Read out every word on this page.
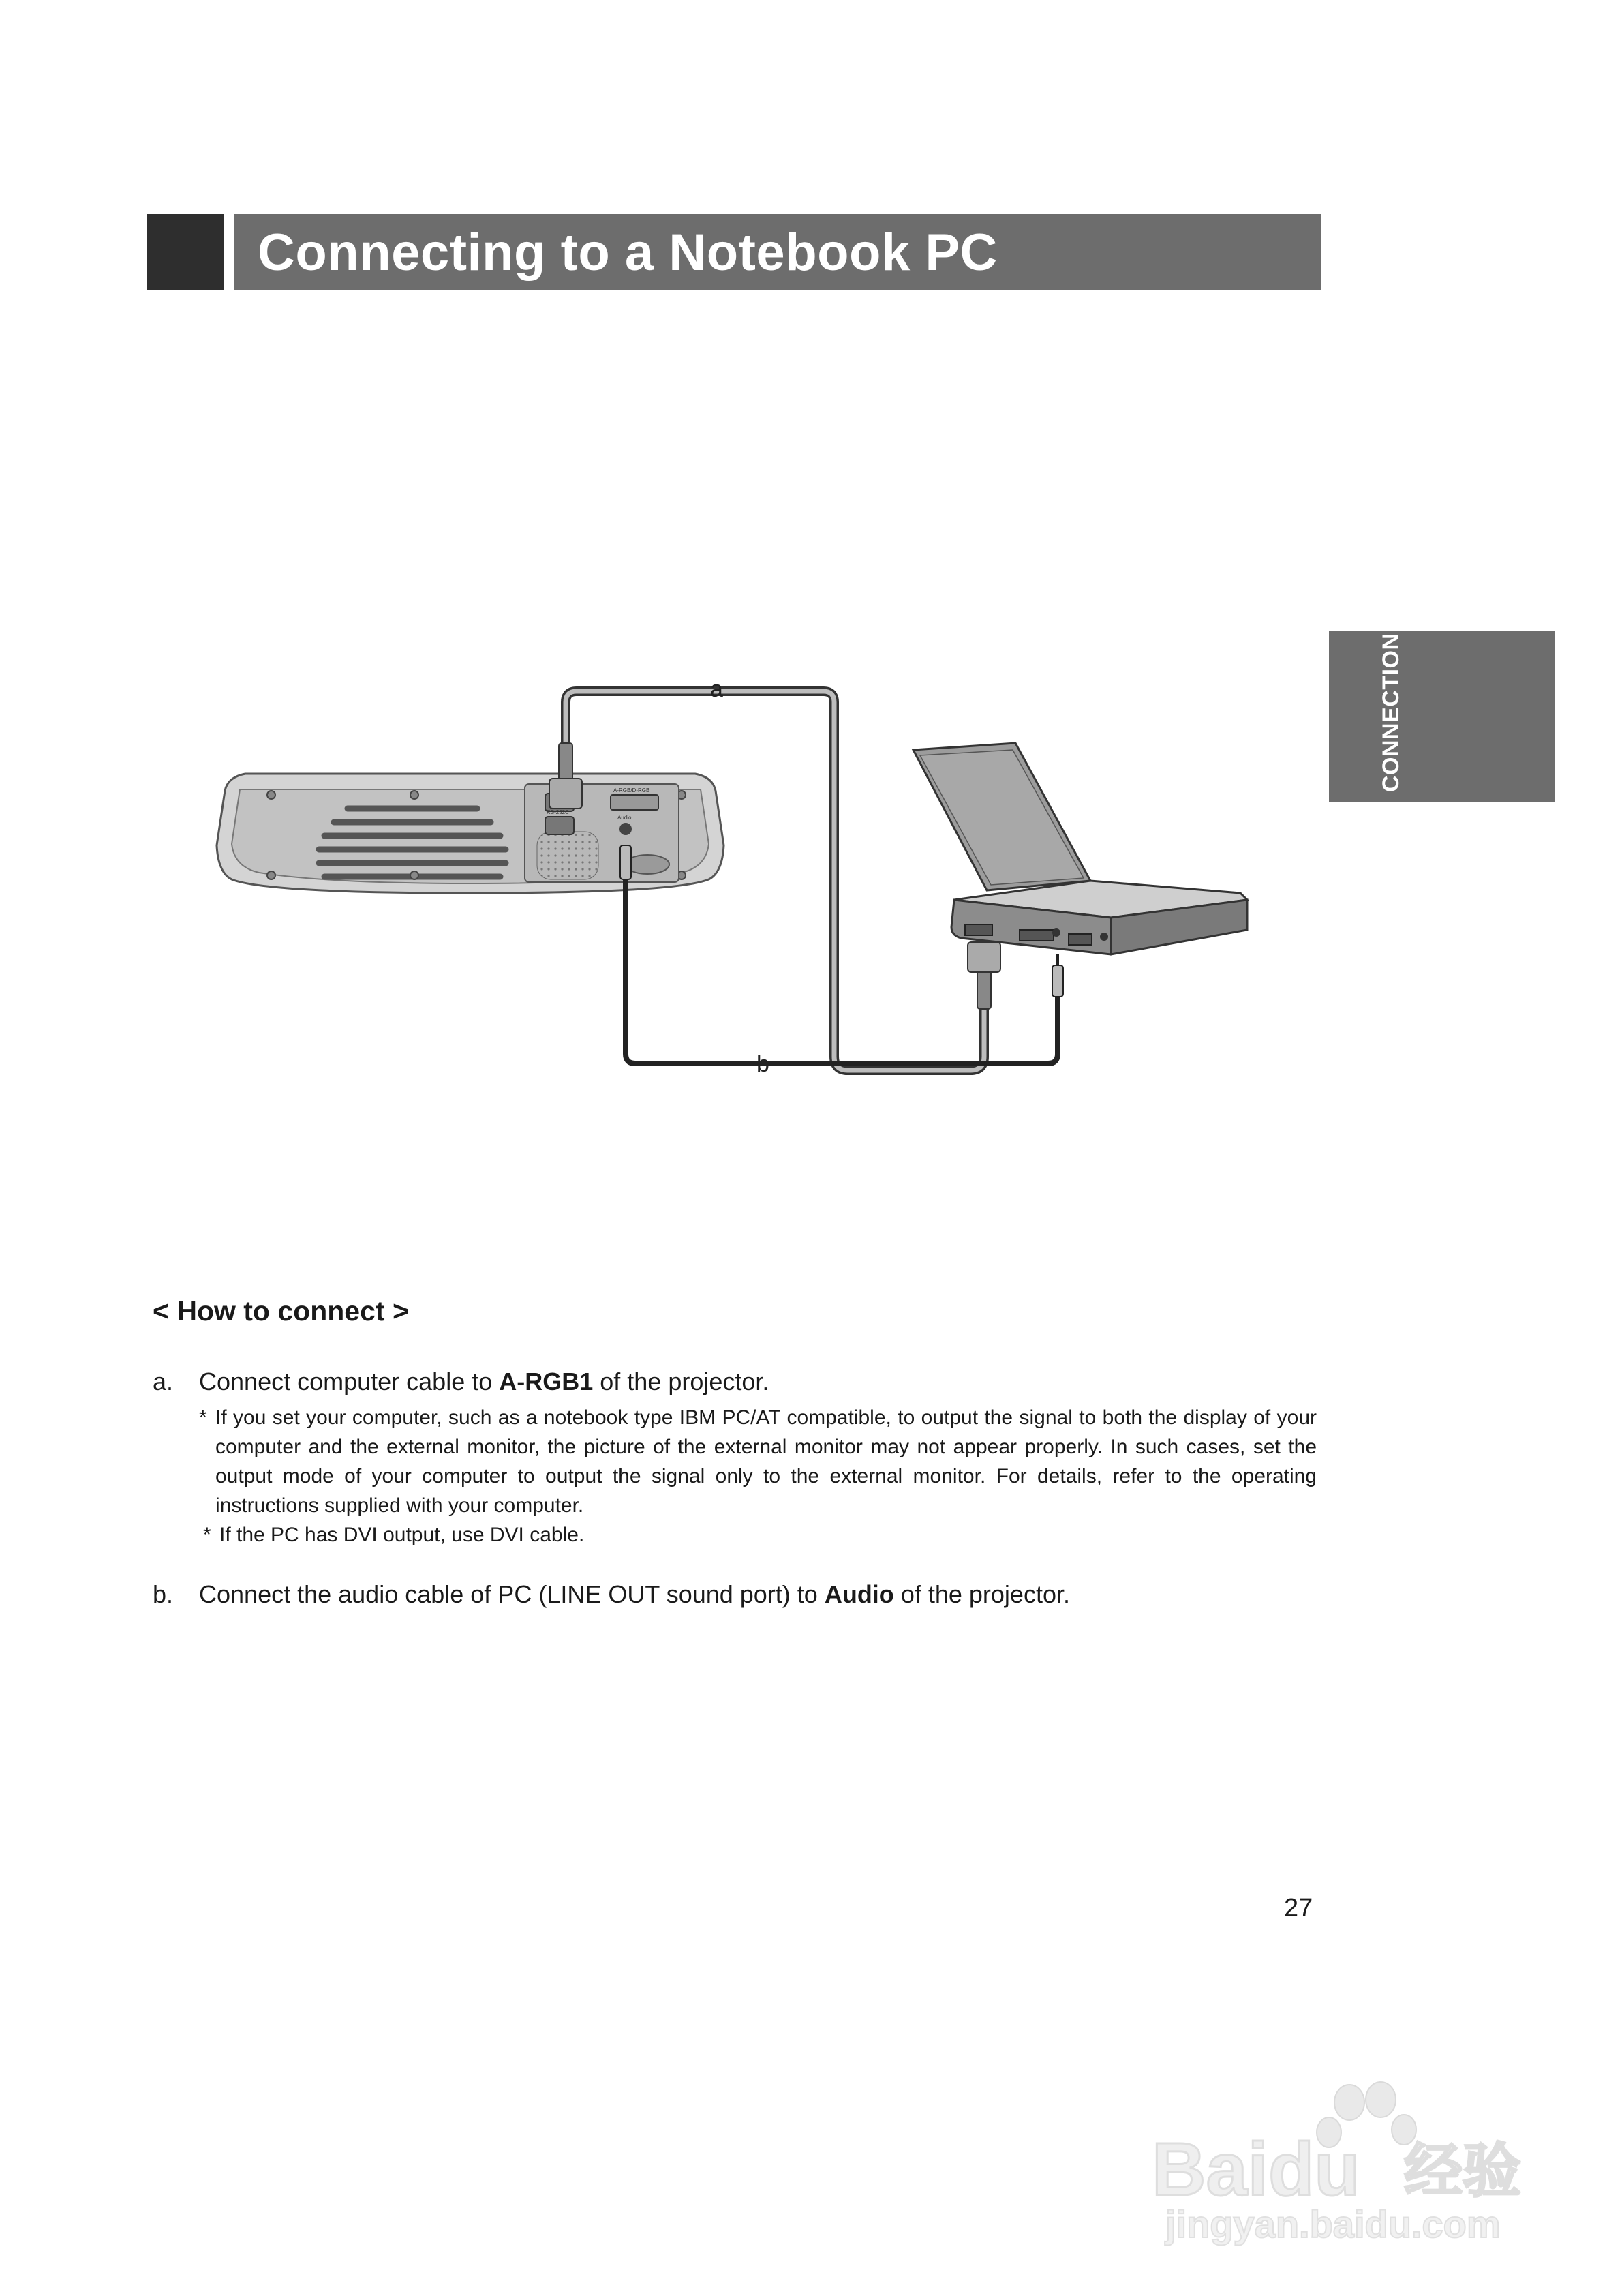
Connecting to a Notebook PC
CONNECTION
A-RGB/D-RGB
RS-232C
Audio
a
b
< How to connect >
a. Connect computer cable to A-RGB1 of the projector.
* If you set your computer, such as a notebook type IBM PC/AT compatible, to output the signal to both the display of your computer and the external monitor, the picture of the external monitor may not appear properly. In such cases, set the output mode of your computer to output the signal only to the external monitor. For details, refer to the operating instructions supplied with your computer.
* If the PC has DVI output, use DVI cable.
b. Connect the audio cable of PC (LINE OUT sound port) to Audio of the projector.
27
Baidu 经验
jingyan.baidu.com
